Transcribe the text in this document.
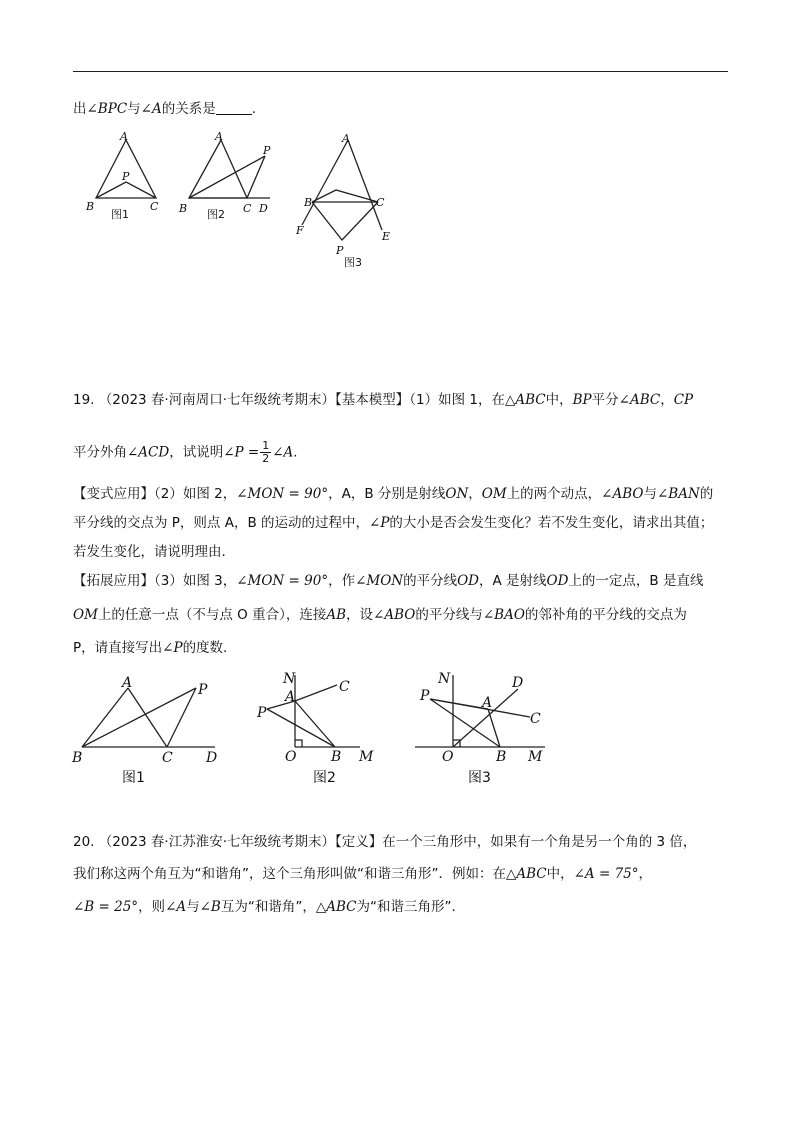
出∠BPC与∠A的关系是	.
A
B	C
P
图1
A
B	C D
P
图2
A
B	C
E
F
P
图3
19. （2023 春·河南周口·七年级统考期末）【基本模型】（1）如图 1，在△ABC中，BP平分∠ABC，CP
平分外角∠ACD，试说明∠P = $\frac{1}{2}$ ∠A.
【变式应用】（2）如图 2，∠MON = 90°，A，B 分别是射线ON，OM上的两个动点，∠ABO与∠BAN的
平分线的交点为 P，则点 A，B 的运动的过程中，∠P的大小是否会发生变化？若不发生变化，请求出其值；
若发生变化，请说明理由.
【拓展应用】（3）如图 3，∠MON = 90°，作∠MON的平分线OD，A 是射线OD上的一定点，B 是直线
OM上的任意一点（不与点 O 重合），连接AB，设∠ABO的平分线与∠BAO的邻补角的平分线的交点为
P，请直接写出∠P的度数.
A
B	C D
P
图1
N
A
C
P
O B M
图2
N	D
P	A
C
O	B M
图3
20. （2023 春·江苏淮安·七年级统考期末）【定义】在一个三角形中，如果有一个角是另一个角的 3 倍，
我们称这两个角互为“和谐角”，这个三角形叫做“和谐三角形”．例如：在△ABC中，∠A = 75°，
∠B = 25°，则∠A与∠B互为“和谐角”，△ABC为“和谐三角形”．
